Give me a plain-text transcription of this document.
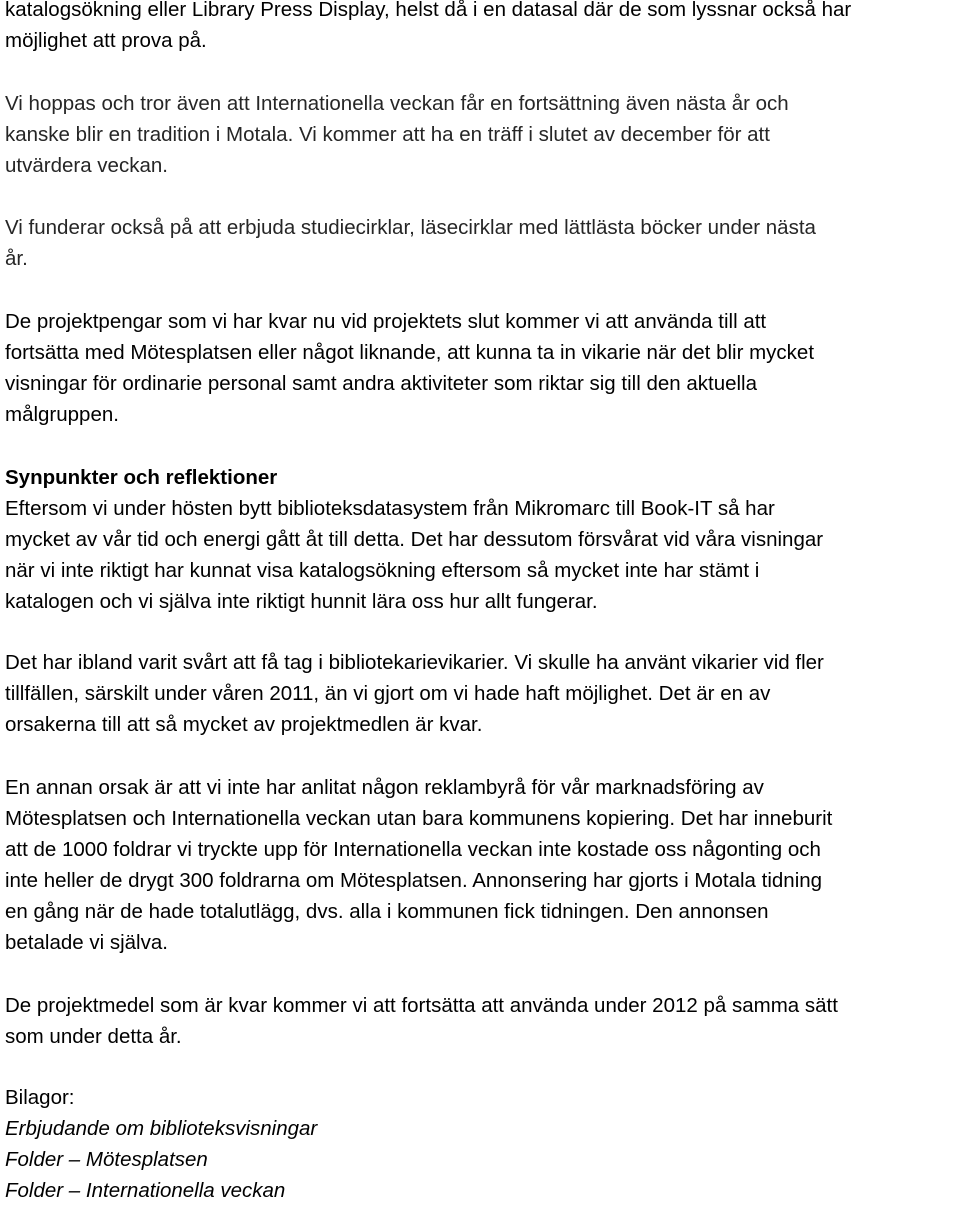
katalogsökning eller Library Press Display, helst då i en datasal där de som lyssnar också har
möjlighet att prova på.
Vi hoppas och tror även att Internationella veckan får en fortsättning även nästa år och
kanske blir en tradition i Motala. Vi kommer att ha en träff i slutet av december för att
utvärdera veckan.
Vi funderar också på att erbjuda studiecirklar, läsecirklar med lättlästa böcker under nästa
år.
De projektpengar som vi har kvar nu vid projektets slut kommer vi att använda till att
fortsätta med Mötesplatsen eller något liknande, att kunna ta in vikarie när det blir mycket
visningar för ordinarie personal samt andra aktiviteter som riktar sig till den aktuella
målgruppen.
Synpunkter och reflektioner
Eftersom vi under hösten bytt biblioteksdatasystem från Mikromarc till Book-IT så har
mycket av vår tid och energi gått åt till detta. Det har dessutom försvårat vid våra visningar
när vi inte riktigt har kunnat visa katalogsökning eftersom så mycket inte har stämt i
katalogen och vi själva inte riktigt hunnit lära oss hur allt fungerar.
Det har ibland varit svårt att få tag i bibliotekarievikarier. Vi skulle ha använt vikarier vid fler
tillfällen, särskilt under våren 2011, än vi gjort om vi hade haft möjlighet. Det är en av
orsakerna till att så mycket av projektmedlen är kvar.
En annan orsak är att vi inte har anlitat någon reklambyrå för vår marknadsföring av
Mötesplatsen och Internationella veckan utan bara kommunens kopiering. Det har inneburit
att de 1000 foldrar vi tryckte upp för Internationella veckan inte kostade oss någonting och
inte heller de drygt 300 foldrarna om Mötesplatsen. Annonsering har gjorts i Motala tidning
en gång när de hade totalutlägg, dvs. alla i kommunen fick tidningen. Den annonsen
betalade vi själva.
De projektmedel som är kvar kommer vi att fortsätta att använda under 2012 på samma sätt
som under detta år.
Bilagor:
Erbjudande om biblioteksvisningar
Folder – Mötesplatsen
Folder – Internationella veckan
